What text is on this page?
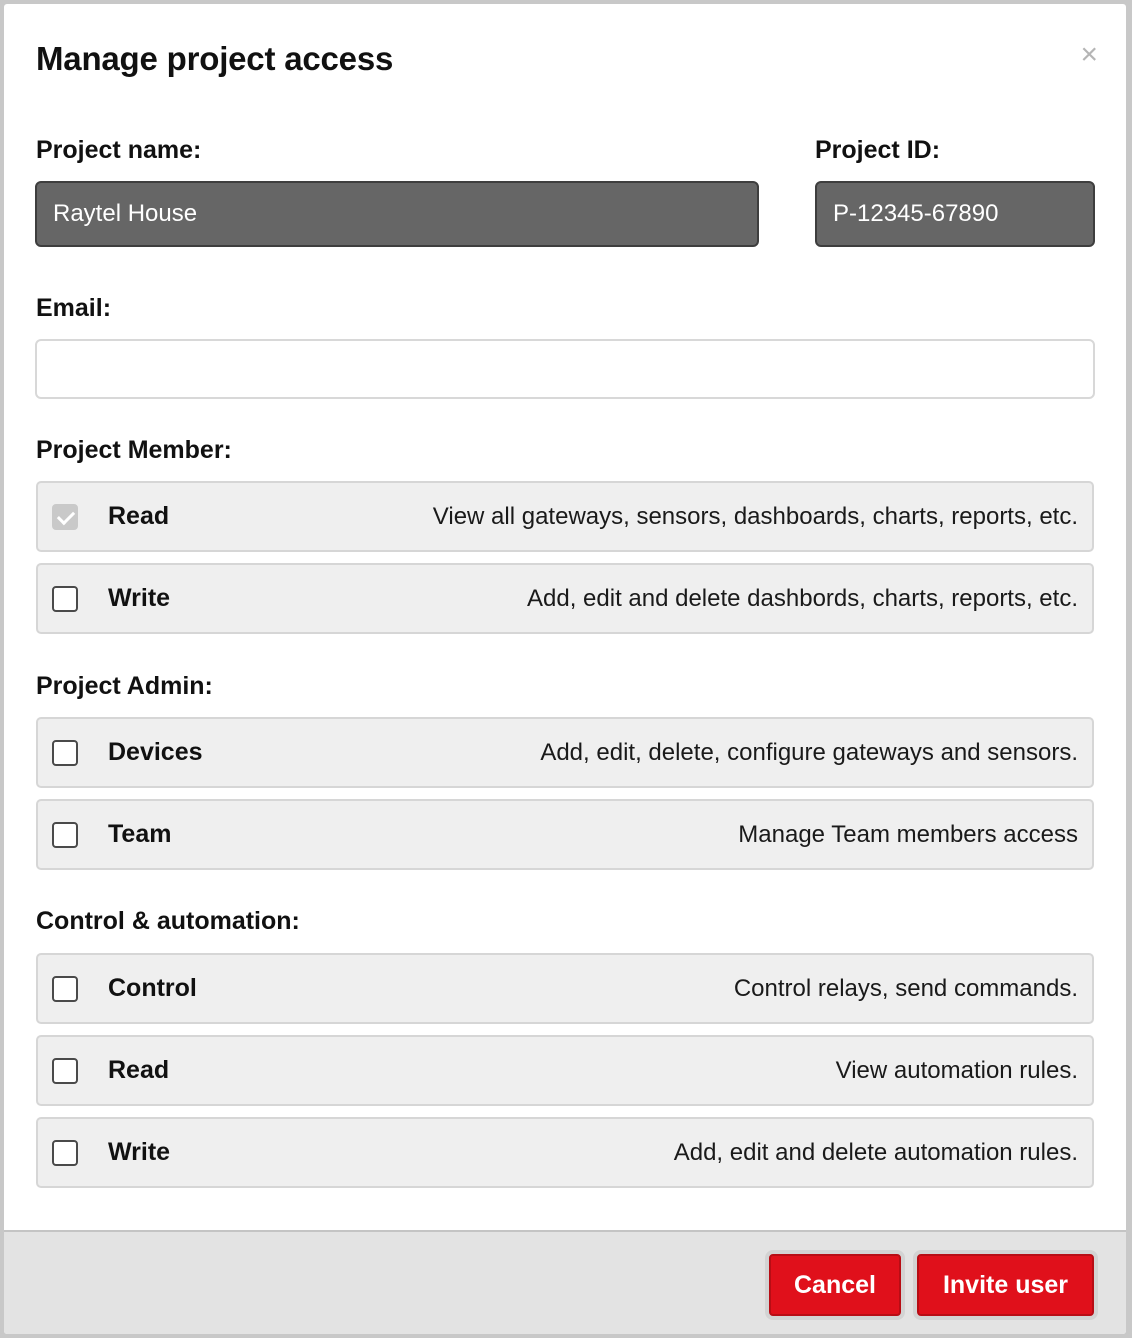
Manage project access	×
Project name:
Raytel House
Project ID:
P-12345-67890
Email:
Project Member:
Read	View all gateways, sensors, dashboards, charts, reports, etc.
Write	Add, edit and delete dashbords, charts, reports, etc.
Project Admin:
Devices	Add, edit, delete, configure gateways and sensors.
Team	Manage Team members access
Control & automation:
Control	Control relays, send commands.
Read	View automation rules.
Write	Add, edit and delete automation rules.
Cancel	Invite user
